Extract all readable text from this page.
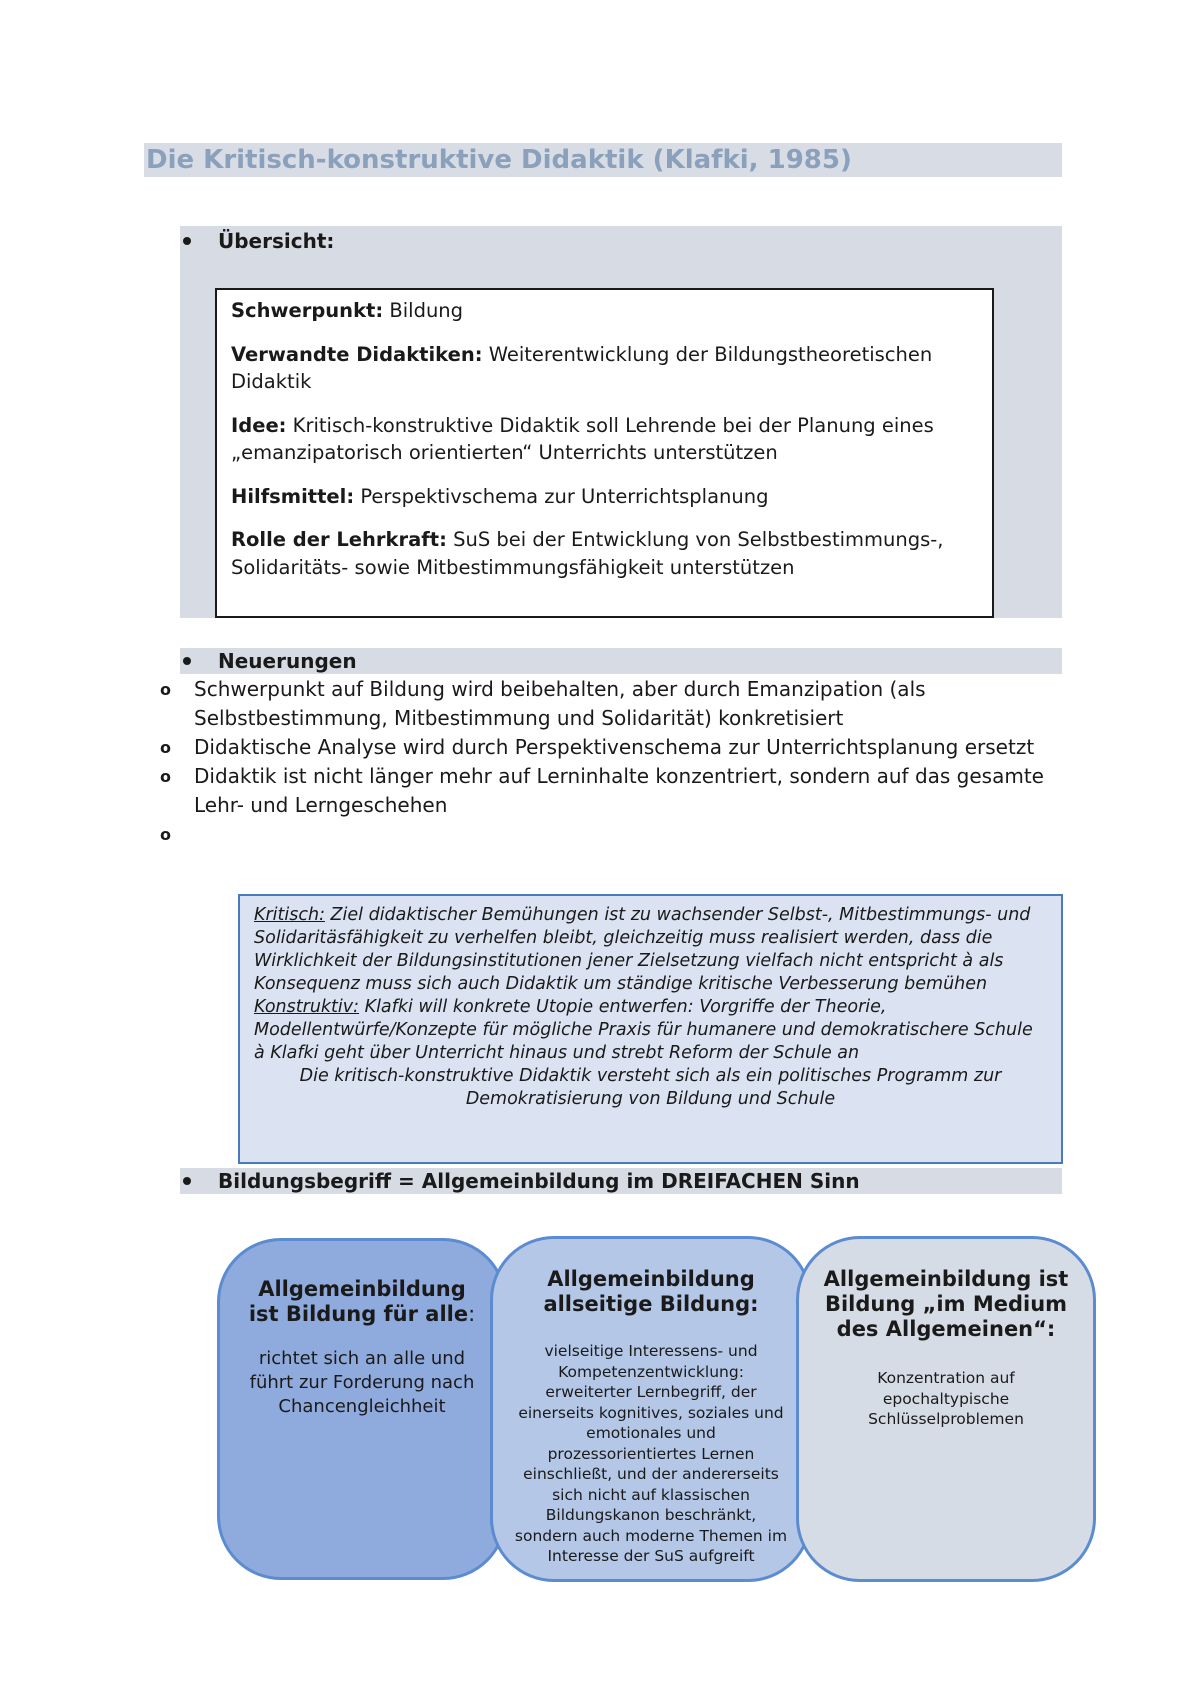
Die Kritisch-konstruktive Didaktik (Klafki, 1985)
Übersicht:

Schwerpunkt: Bildung

Verwandte Didaktiken: Weiterentwicklung der Bildungstheoretischen Didaktik

Idee: Kritisch-konstruktive Didaktik soll Lehrende bei der Planung eines „emanzipatorisch orientierten“ Unterrichts unterstützen

Hilfsmittel: Perspektivschema zur Unterrichtsplanung

Rolle der Lehrkraft: SuS bei der Entwicklung von Selbstbestimmungs-, Solidaritäts- sowie Mitbestimmungsfähigkeit unterstützen

Neuerungen
o Schwerpunkt auf Bildung wird beibehalten, aber durch Emanzipation (als Selbstbestimmung, Mitbestimmung und Solidarität) konkretisiert
o Didaktische Analyse wird durch Perspektivenschema zur Unterrichtsplanung ersetzt
o Didaktik ist nicht länger mehr auf Lerninhalte konzentriert, sondern auf das gesamte Lehr- und Lerngeschehen
o
Kritisch: Ziel didaktischer Bemühungen ist zu wachsender Selbst-, Mitbestimmungs- und Solidaritäsfähigkeit zu verhelfen bleibt, gleichzeitig muss realisiert werden, dass die Wirklichkeit der Bildungsinstitutionen jener Zielsetzung vielfach nicht entspricht à als Konsequenz muss sich auch Didaktik um ständige kritische Verbesserung bemühen
Konstruktiv: Klafki will konkrete Utopie entwerfen: Vorgriffe der Theorie, Modellentwürfe/Konzepte für mögliche Praxis für humanere und demokratischere Schule à Klafki geht über Unterricht hinaus und strebt Reform der Schule an
Die kritisch-konstruktive Didaktik versteht sich als ein politisches Programm zur Demokratisierung von Bildung und Schule
Bildungsbegriff = Allgemeinbildung im DREIFACHEN Sinn
Allgemeinbildung ist Bildung für alle:
richtet sich an alle und führt zur Forderung nach Chancengleichheit
Allgemeinbildung allseitige Bildung:
vielseitige Interessens- und Kompetenzentwicklung: erweiterter Lernbegriff, der einerseits kognitives, soziales und emotionales und prozessorientiertes Lernen einschließt, und der andererseits sich nicht auf klassischen Bildungskanon beschränkt, sondern auch moderne Themen im Interesse der SuS aufgreift
Allgemeinbildung ist Bildung „im Medium des Allgemeinen“:
Konzentration auf epochaltypische Schlüsselproblemen
